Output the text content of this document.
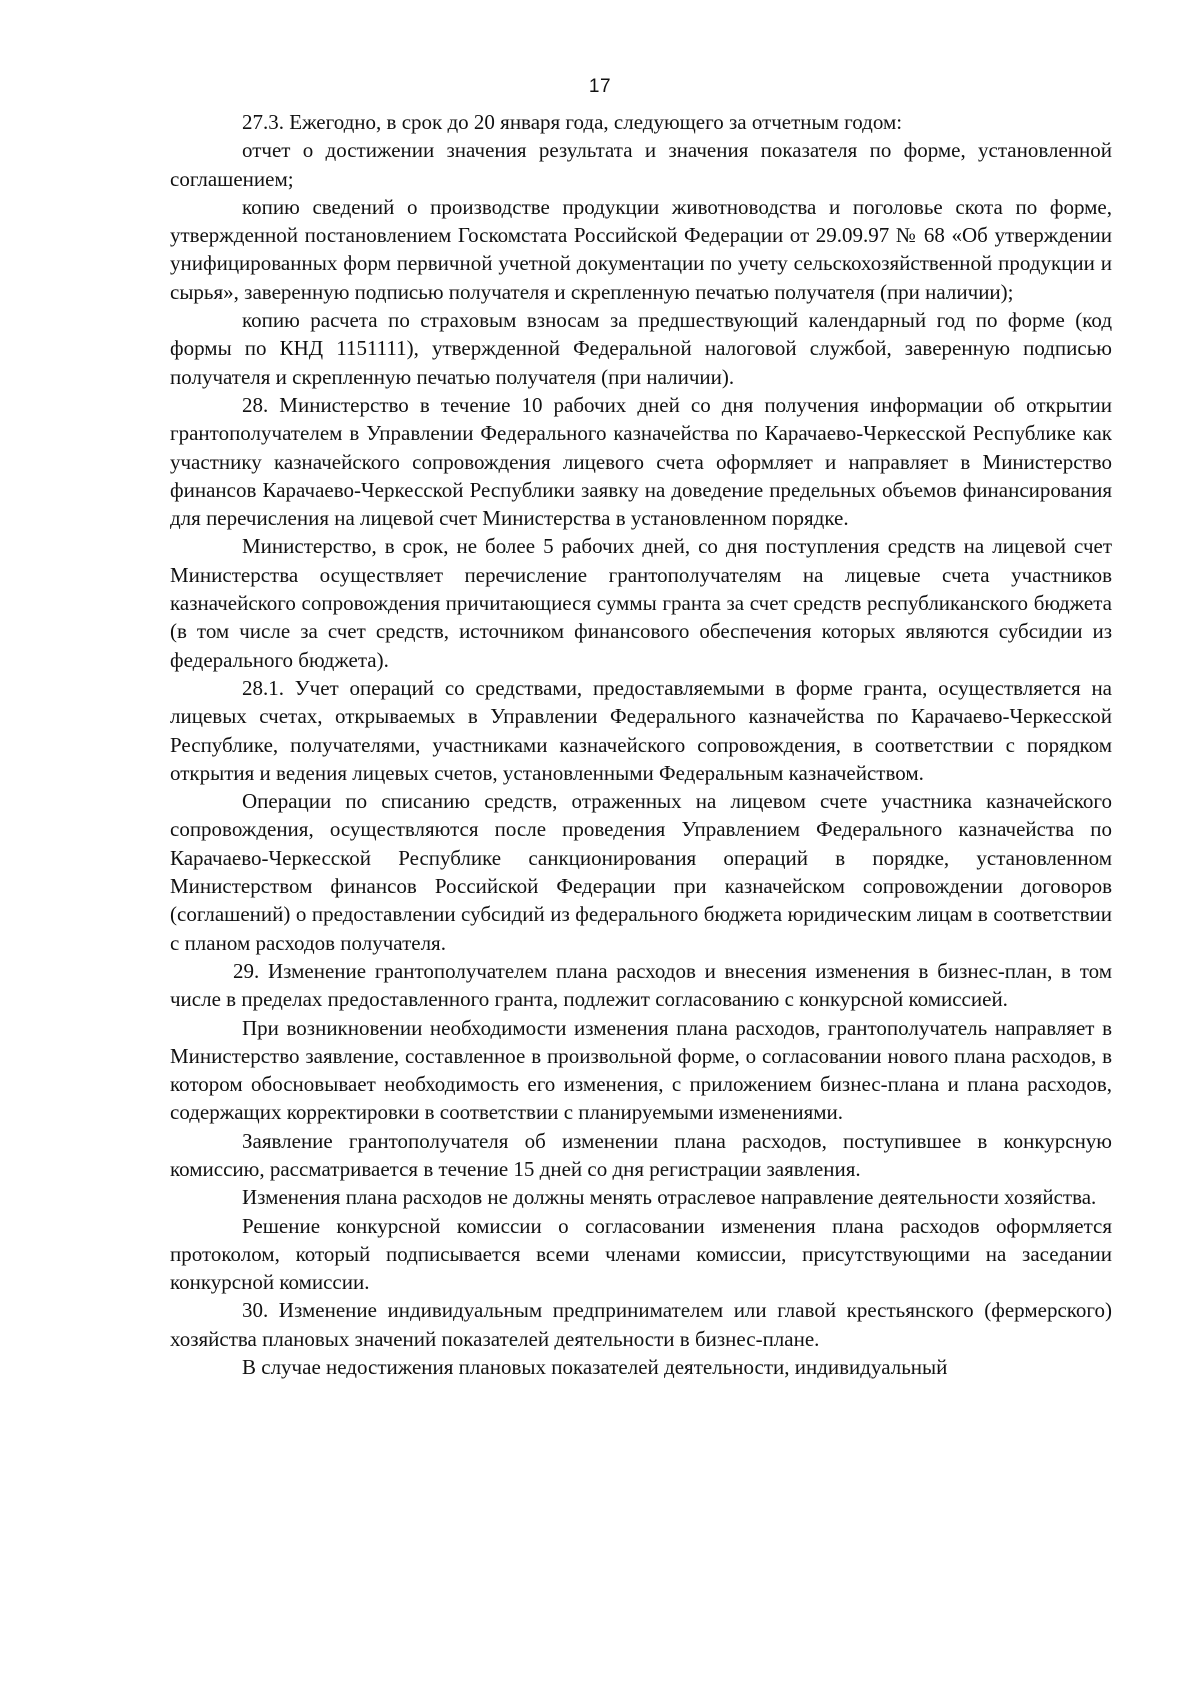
17

27.3. Ежегодно, в срок до 20 января года, следующего за отчетным годом:

отчет о достижении значения результата и значения показателя по форме, установленной соглашением;

копию сведений о производстве продукции животноводства и поголовье скота по форме, утвержденной постановлением Госкомстата Российской Федерации от 29.09.97 № 68 «Об утверждении унифицированных форм первичной учетной документации по учету сельскохозяйственной продукции и сырья», заверенную подписью получателя и скрепленную печатью получателя (при наличии);

копию расчета по страховым взносам за предшествующий календарный год по форме (код формы по КНД 1151111), утвержденной Федеральной налоговой службой, заверенную подписью получателя и скрепленную печатью получателя (при наличии).

28. Министерство в течение 10 рабочих дней со дня получения информации об открытии грантополучателем в Управлении Федерального казначейства по Карачаево-Черкесской Республике как участнику казначейского сопровождения лицевого счета оформляет и направляет в Министерство финансов Карачаево-Черкесской Республики заявку на доведение предельных объемов финансирования для перечисления на лицевой счет Министерства в установленном порядке.

Министерство, в срок, не более 5 рабочих дней, со дня поступления средств на лицевой счет Министерства осуществляет перечисление грантополучателям на лицевые счета участников казначейского сопровождения причитающиеся суммы гранта за счет средств республиканского бюджета (в том числе за счет средств, источником финансового обеспечения которых являются субсидии из федерального бюджета).

28.1. Учет операций со средствами, предоставляемыми в форме гранта, осуществляется на лицевых счетах, открываемых в Управлении Федерального казначейства по Карачаево-Черкесской Республике, получателями, участниками казначейского сопровождения, в соответствии с порядком открытия и ведения лицевых счетов, установленными Федеральным казначейством.

Операции по списанию средств, отраженных на лицевом счете участника казначейского сопровождения, осуществляются после проведения Управлением Федерального казначейства по Карачаево-Черкесской Республике санкционирования операций в порядке, установленном Министерством финансов Российской Федерации при казначейском сопровождении договоров (соглашений) о предоставлении субсидий из федерального бюджета юридическим лицам в соответствии с планом расходов получателя.

29. Изменение грантополучателем плана расходов и внесения изменения в бизнес-план, в том числе в пределах предоставленного гранта, подлежит согласованию с конкурсной комиссией.

При возникновении необходимости изменения плана расходов, грантополучатель направляет в Министерство заявление, составленное в произвольной форме, о согласовании нового плана расходов, в котором обосновывает необходимость его изменения, с приложением бизнес-плана и плана расходов, содержащих корректировки в соответствии с планируемыми изменениями.

Заявление грантополучателя об изменении плана расходов, поступившее в конкурсную комиссию, рассматривается в течение 15 дней со дня регистрации заявления.

Изменения плана расходов не должны менять отраслевое направление деятельности хозяйства.

Решение конкурсной комиссии о согласовании изменения плана расходов оформляется протоколом, который подписывается всеми членами комиссии, присутствующими на заседании конкурсной комиссии.

30. Изменение индивидуальным предпринимателем или главой крестьянского (фермерского) хозяйства плановых значений показателей деятельности в бизнес-плане.

В случае недостижения плановых показателей деятельности, индивидуальный
